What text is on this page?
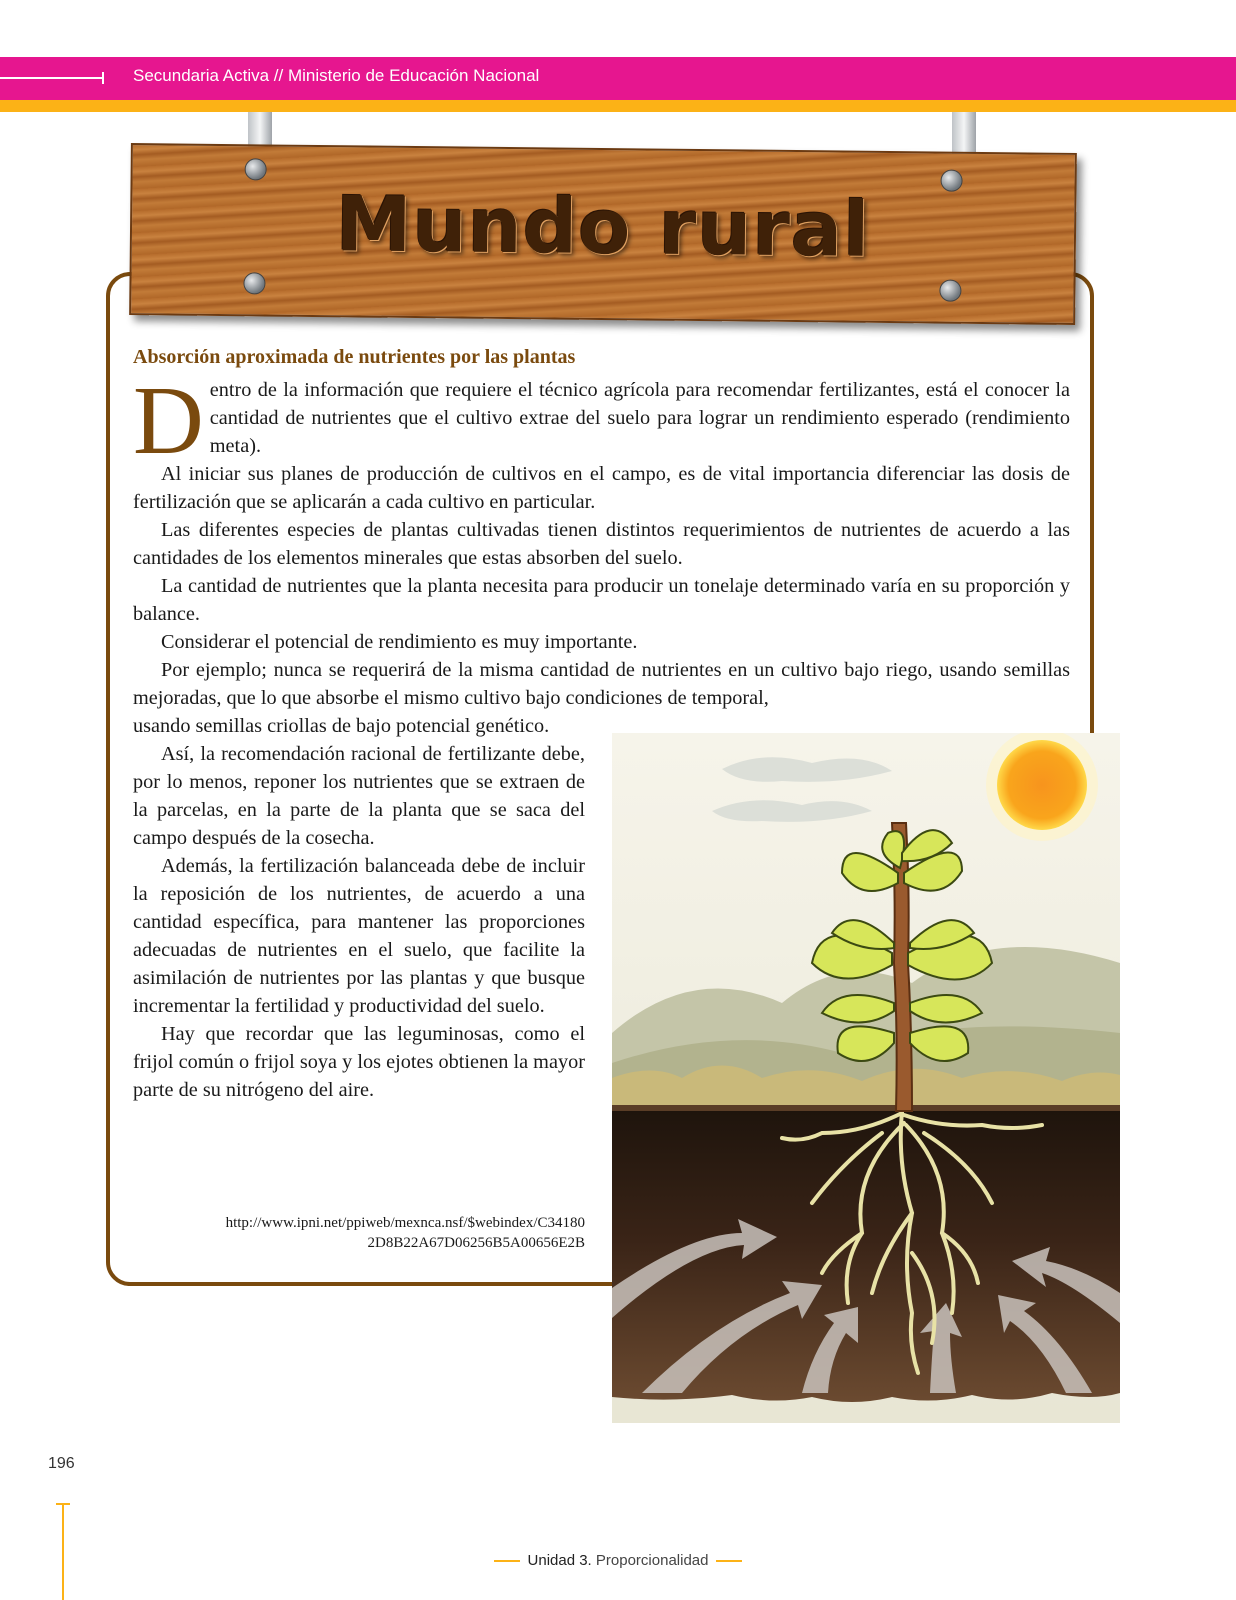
Secundaria Activa // Ministerio de Educación Nacional
Mundo rural
Absorción aproximada de nutrientes por las plantas

Dentro de la información que requiere el técnico agrícola para recomendar fertilizantes, está el conocer la cantidad de nutrientes que el cultivo extrae del suelo para lograr un rendimiento esperado (rendimiento meta).

Al iniciar sus planes de producción de cultivos en el campo, es de vital importancia diferenciar las dosis de fertilización que se aplicarán a cada cultivo en particular.

Las diferentes especies de plantas cultivadas tienen distintos requerimientos de nutrientes de acuerdo a las cantidades de los elementos minerales que estas absorben del suelo.

La cantidad de nutrientes que la planta necesita para producir un tonelaje determinado varía en su proporción y balance.

Considerar el potencial de rendimiento es muy importante.

Por ejemplo; nunca se requerirá de la misma cantidad de nutrientes en un cultivo bajo riego, usando semillas mejoradas, que lo que absorbe el mismo cultivo bajo condiciones de temporal,

usando semillas criollas de bajo potencial genético.

Así, la recomendación racional de fertilizante debe, por lo menos, reponer los nutrientes que se extraen de la parcelas, en la parte de la planta que se saca del campo después de la cosecha.

Además, la fertilización balanceada debe de incluir la reposición de los nutrientes, de acuerdo a una cantidad específica, para mantener las proporciones adecuadas de nutrientes en el suelo, que facilite la asimilación de nutrientes por las plantas y que busque incrementar la fertilidad y productividad del suelo.

Hay que recordar que las leguminosas, como el frijol común o frijol soya y los ejotes obtienen la mayor parte de su nitrógeno del aire.

http://www.ipni.net/ppiweb/mexnca.nsf/$webindex/C34180
2D8B22A67D06256B5A00656E2B
196
Unidad 3. Proporcionalidad
